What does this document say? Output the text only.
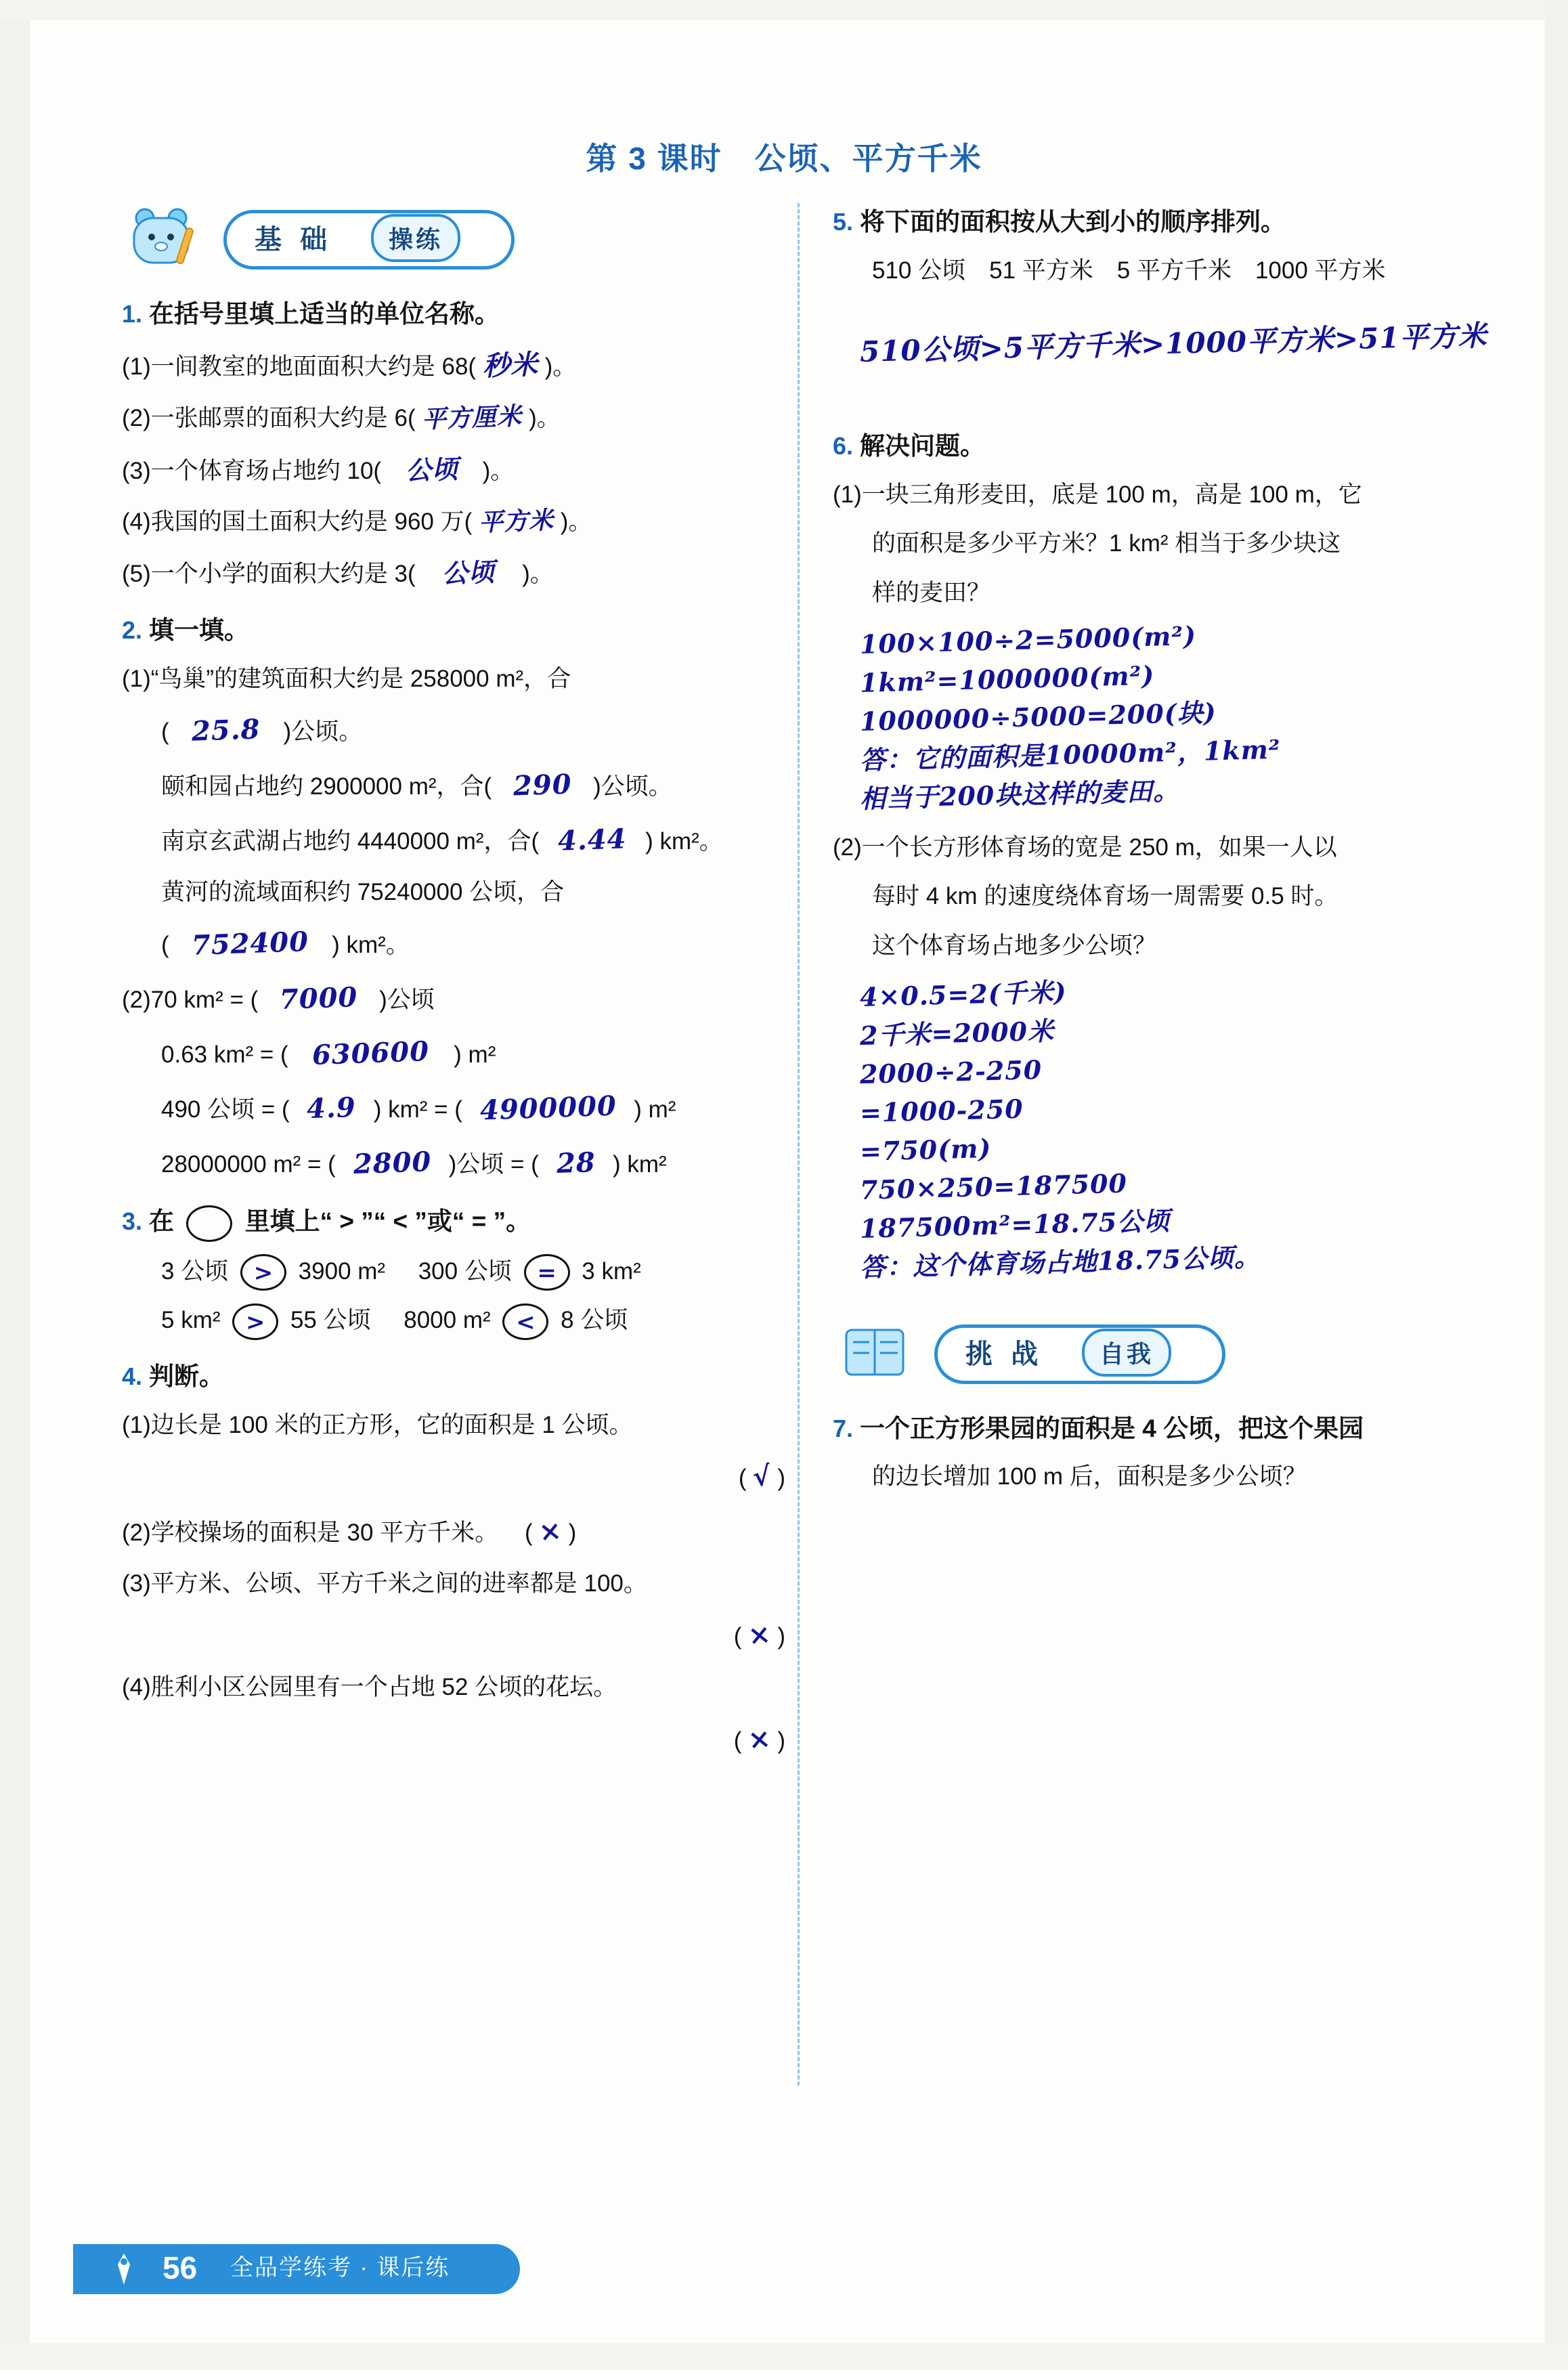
第 3 课时　公顷、平方千米
基 础	操练
1. 在括号里填上适当的单位名称。
(1)一间教室的地面面积大约是 68( 秒米 )。
(2)一张邮票的面积大约是 6( 平方厘米 )。
(3)一个体育场占地约 10( 公顷 )。
(4)我国的国土面积大约是 960 万( 平方米 )。
(5)一个小学的面积大约是 3( 公顷 )。
2. 填一填。
(1)“鸟巢”的建筑面积大约是 258000 m²，合
( 25.8 )公顷。
颐和园占地约 2900000 m²，合( 290 )公顷。
南京玄武湖占地约 4440000 m²，合( 4.44 ) km²。
黄河的流域面积约 75240000 公顷，合
( 752400 ) km²。
(2)70 km² = ( 7000 )公顷
0.63 km² = ( 630600 ) m²
490 公顷 = ( 4.9 ) km² = ( 4900000 ) m²
28000000 m² = ( 2800 )公顷 = ( 28 ) km²
3. 在	里填上“ > ”“ < ”或“ = ”。
3 公顷	>	3900 m² 300 公顷	=	3 km²
5 km²	>	55 公顷 8000 m²	<	8 公顷
4. 判断。
(1)边长是 100 米的正方形，它的面积是 1 公顷。
( √ )
(2)学校操场的面积是 30 平方千米。    ( × )
(3)平方米、公顷、平方千米之间的进率都是 100。
( × )
(4)胜利小区公园里有一个占地 52 公顷的花坛。
( × )
5. 将下面的面积按从大到小的顺序排列。
510 公顷　51 平方米　5 平方千米　1000 平方米
510公顷>5平方千米>1000平方米>51平方米
6. 解决问题。
(1)一块三角形麦田，底是 100 m，高是 100 m，它
的面积是多少平方米？1 km² 相当于多少块这
样的麦田？
100×100÷2=5000(m²)
1km²=1000000(m²)
1000000÷5000=200(块)
答：它的面积是10000m²，1km²
相当于200块这样的麦田。
(2)一个长方形体育场的宽是 250 m，如果一人以
每时 4 km 的速度绕体育场一周需要 0.5 时。
这个体育场占地多少公顷？
4×0.5=2(千米)
2千米=2000米
2000÷2-250
=1000-250
=750(m)
750×250=187500
187500m²=18.75公顷
答：这个体育场占地18.75公顷。
挑 战	自我
7. 一个正方形果园的面积是 4 公顷，把这个果园
的边长增加 100 m 后，面积是多少公顷？
56 全品学练考 · 课后练
